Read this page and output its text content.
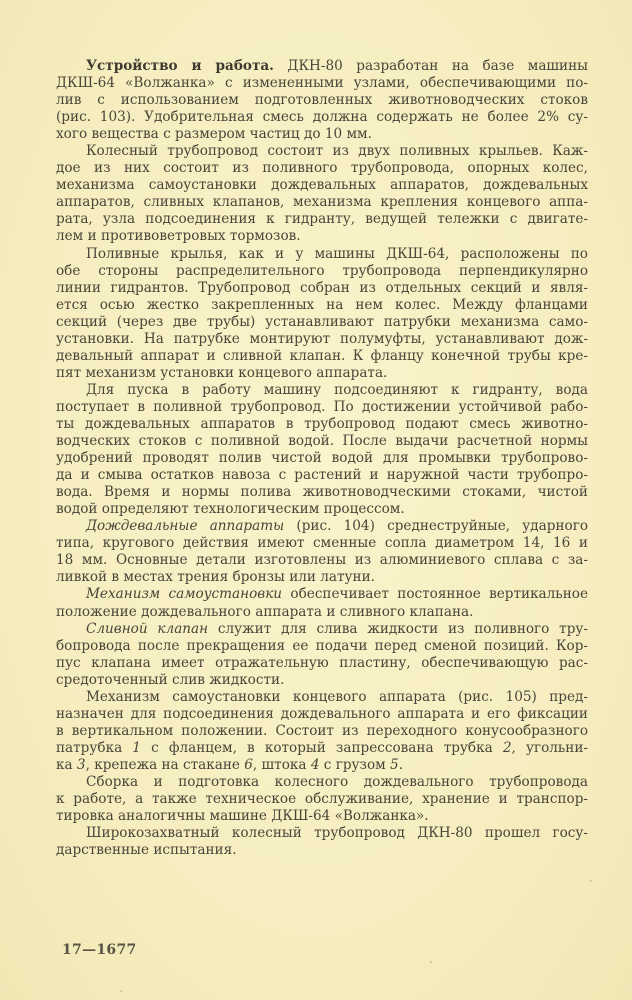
Устройство и работа. ДКН-80 разработан на базе машины
ДКШ-64 «Волжанка» с измененными узлами, обеспечивающими по-
лив с использованием подготовленных животноводческих стоков
(рис. 103). Удобрительная смесь должна содержать не более 2% су-
хого вещества с размером частиц до 10 мм.
Колесный трубопровод состоит из двух поливных крыльев. Каж-
дое из них состоит из поливного трубопровода, опорных колес,
механизма самоустановки дождевальных аппаратов, дождевальных
аппаратов, сливных клапанов, механизма крепления концевого аппа-
рата, узла подсоединения к гидранту, ведущей тележки с двигате-
лем и противоветровых тормозов.
Поливные крылья, как и у машины ДКШ-64, расположены по
обе стороны распределительного трубопровода перпендикулярно
линии гидрантов. Трубопровод собран из отдельных секций и явля-
ется осью жестко закрепленных на нем колес. Между фланцами
секций (через две трубы) устанавливают патрубки механизма само-
установки. На патрубке монтируют полумуфты, устанавливают дож-
девальный аппарат и сливной клапан. К фланцу конечной трубы кре-
пят механизм установки концевого аппарата.
Для пуска в работу машину подсоединяют к гидранту, вода
поступает в поливной трубопровод. По достижении устойчивой рабо-
ты дождевальных аппаратов в трубопровод подают смесь животно-
водческих стоков с поливной водой. После выдачи расчетной нормы
удобрений проводят полив чистой водой для промывки трубопрово-
да и смыва остатков навоза с растений и наружной части трубопро-
вода. Время и нормы полива животноводческими стоками, чистой
водой определяют технологическим процессом.
Дождевальные аппараты (рис. 104) среднеструйные, ударного
типа, кругового действия имеют сменные сопла диаметром 14, 16 и
18 мм. Основные детали изготовлены из алюминиевого сплава с за-
ливкой в местах трения бронзы или латуни.
Механизм самоустановки обеспечивает постоянное вертикальное
положение дождевального аппарата и сливного клапана.
Сливной клапан служит для слива жидкости из поливного тру-
бопровода после прекращения ее подачи перед сменой позиций. Кор-
пус клапана имеет отражательную пластину, обеспечивающую рас-
средоточенный слив жидкости.
Механизм самоустановки концевого аппарата (рис. 105) пред-
назначен для подсоединения дождевального аппарата и его фиксации
в вертикальном положении. Состоит из переходного конусообразного
патрубка 1 с фланцем, в который запрессована трубка 2, угольни-
ка 3, крепежа на стакане 6, штока 4 с грузом 5.
Сборка и подготовка колесного дождевального трубопровода
к работе, а также техническое обслуживание, хранение и транспор-
тировка аналогичны машине ДКШ-64 «Волжанка».
Широкозахватный колесный трубопровод ДКН-80 прошел госу-
дарственные испытания.
17—1677
